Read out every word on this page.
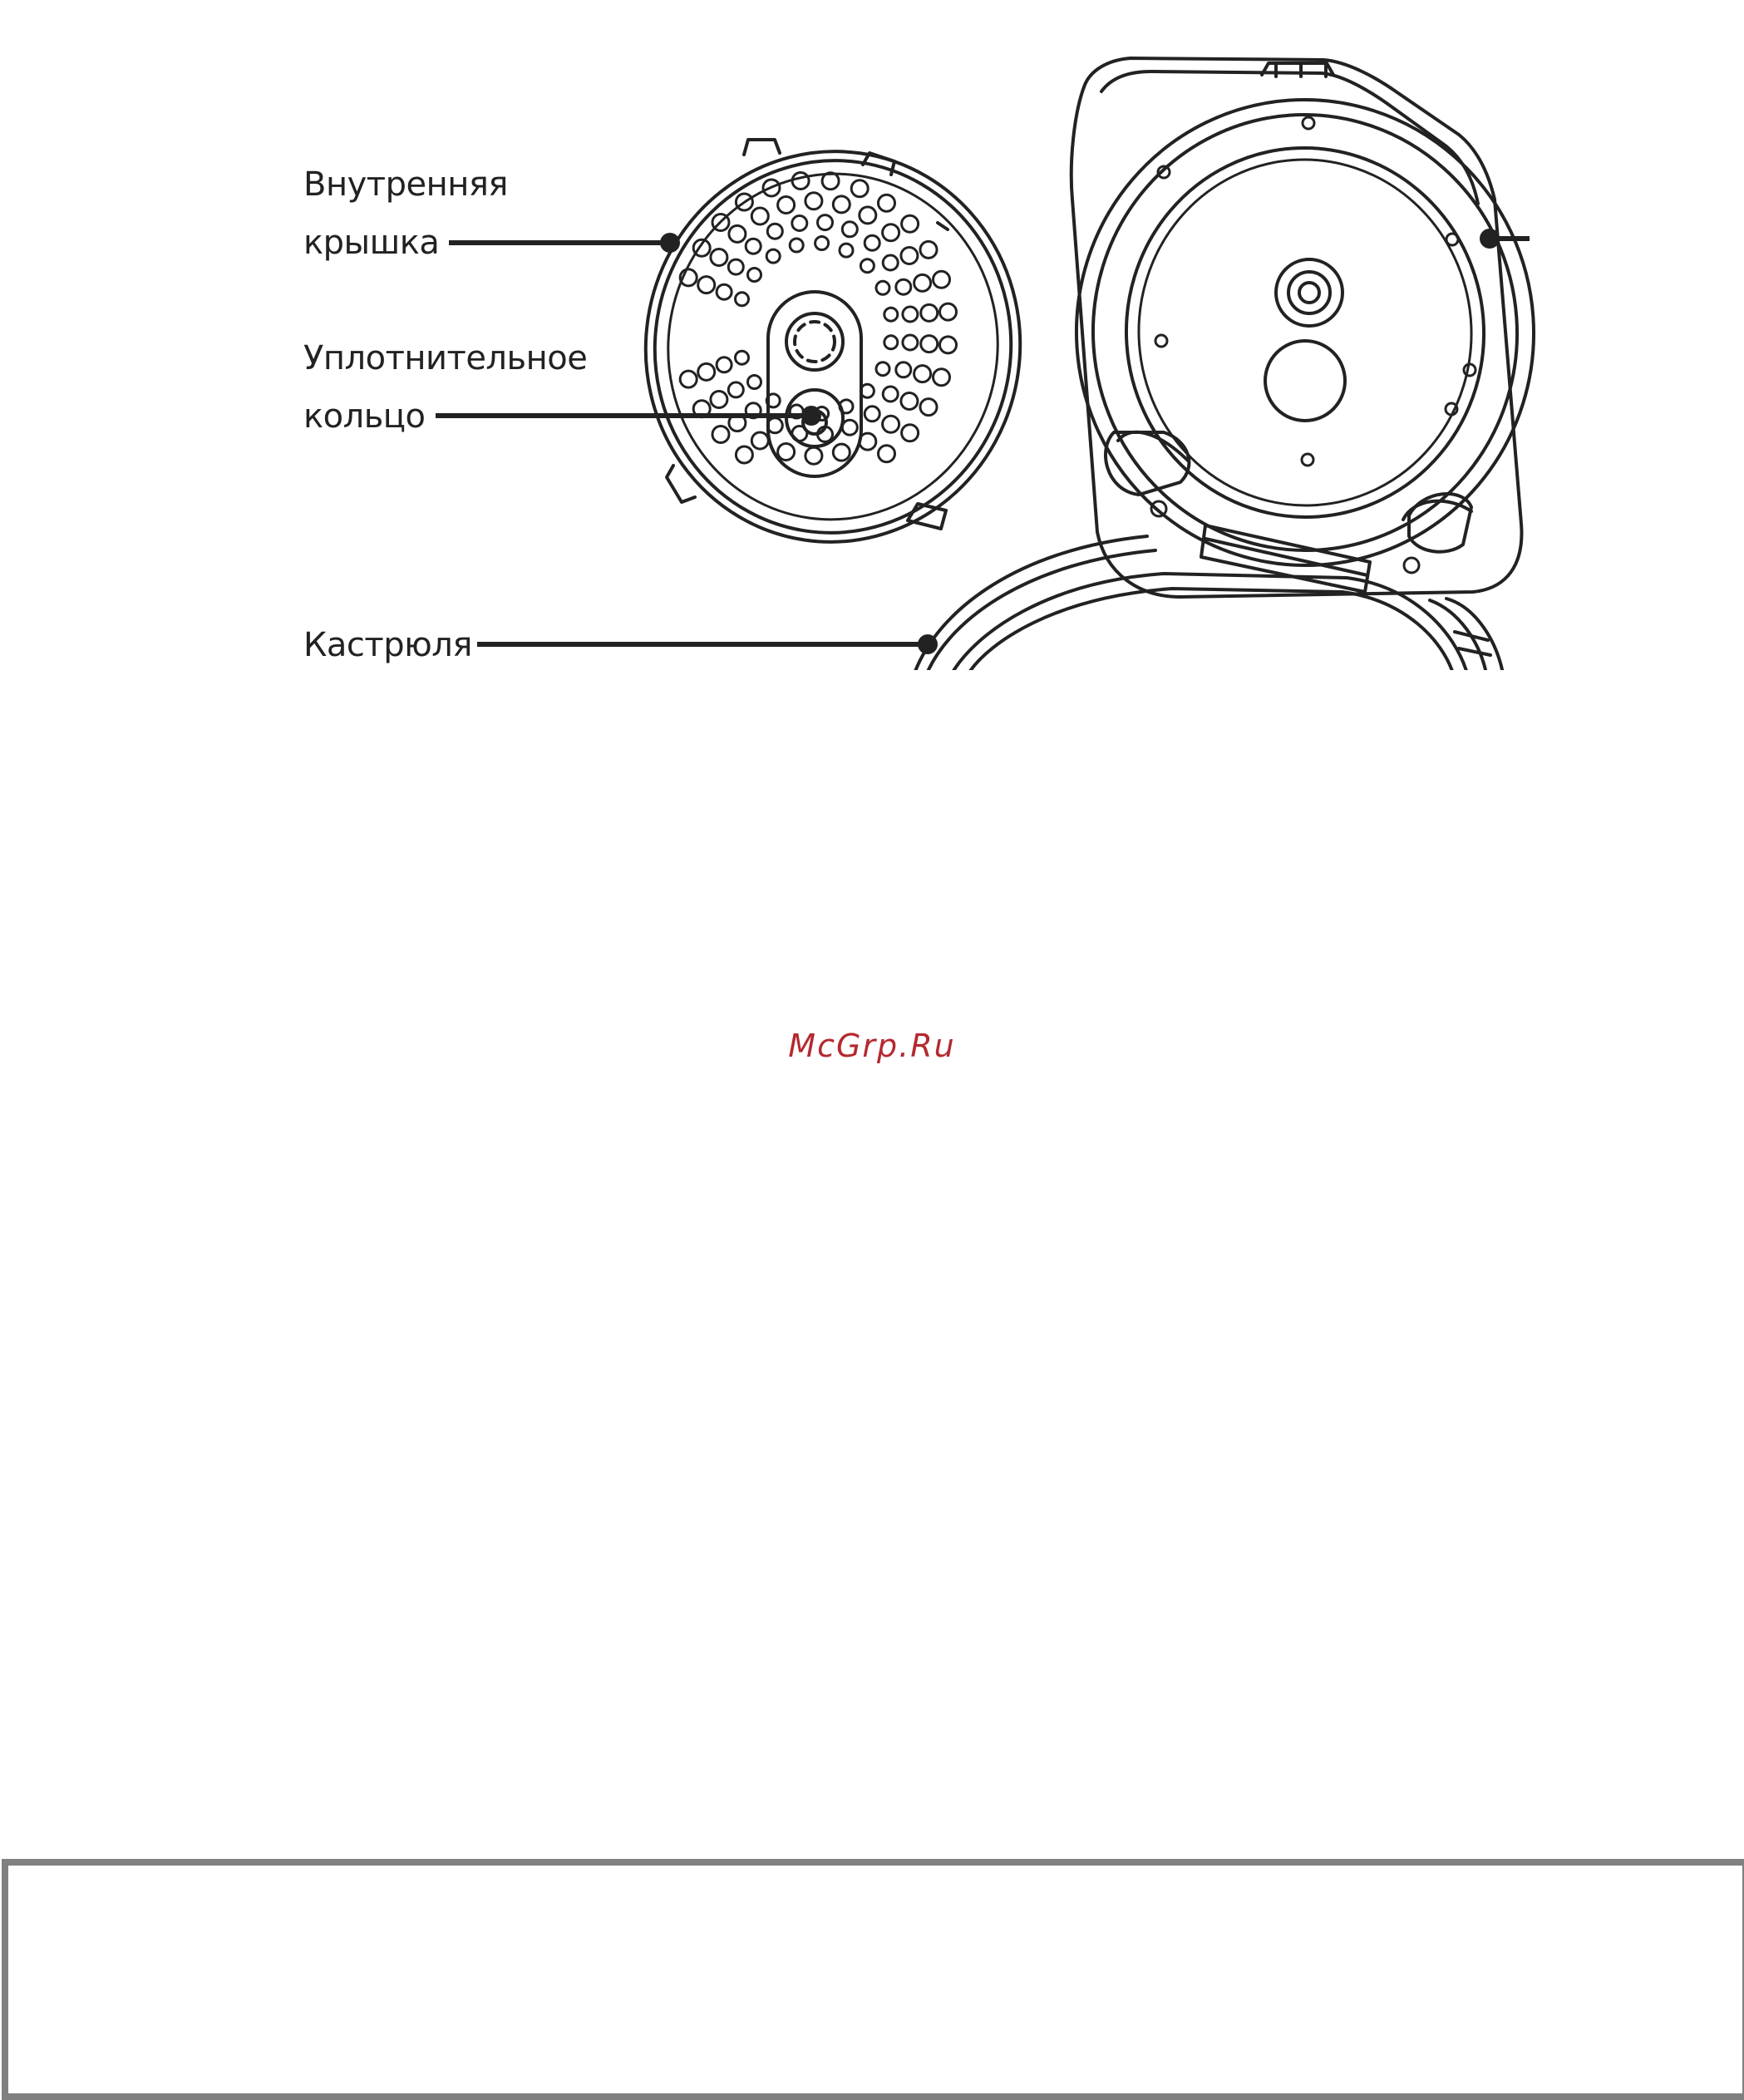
Внутренняя
крышка
Уплотнительное
кольцо
Кастрюля
McGrp.Ru
